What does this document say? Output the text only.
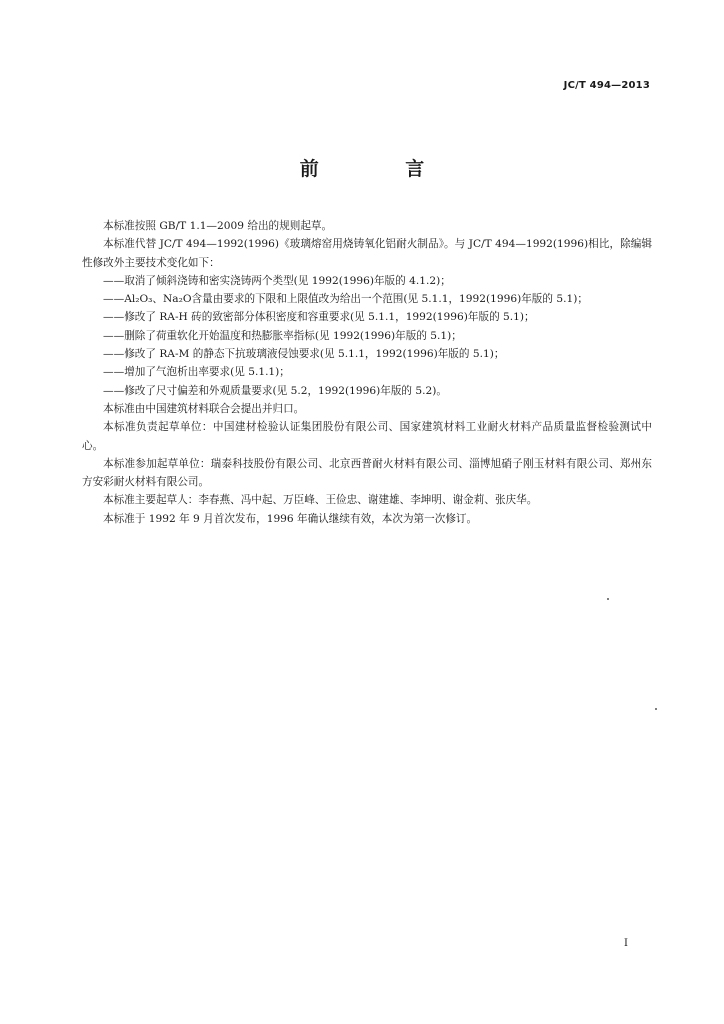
JC/T 494—2013
前 言

本标准按照 GB/T 1.1—2009 给出的规则起草。

本标准代替 JC/T 494—1992(1996)《玻璃熔窑用烧铸氧化铝耐火制品》。与 JC/T 494—1992(1996)相比，除编辑性修改外主要技术变化如下：

——取消了倾斜浇铸和密实浇铸两个类型(见 1992(1996)年版的 4.1.2)；

——Al₂O₃、Na₂O含量由要求的下限和上限值改为给出一个范围(见 5.1.1，1992(1996)年版的 5.1)；

——修改了 RA-H 砖的致密部分体积密度和容重要求(见 5.1.1，1992(1996)年版的 5.1)；

——删除了荷重软化开始温度和热膨胀率指标(见 1992(1996)年版的 5.1)；

——修改了 RA-M 的静态下抗玻璃液侵蚀要求(见 5.1.1，1992(1996)年版的 5.1)；

——增加了气泡析出率要求(见 5.1.1)；

——修改了尺寸偏差和外观质量要求(见 5.2，1992(1996)年版的 5.2)。

本标准由中国建筑材料联合会提出并归口。

本标准负责起草单位：中国建材检验认证集团股份有限公司、国家建筑材料工业耐火材料产品质量监督检验测试中心。

本标准参加起草单位：瑞泰科技股份有限公司、北京西普耐火材料有限公司、淄博旭硝子刚玉材料有限公司、郑州东方安彩耐火材料有限公司。

本标准主要起草人：李春燕、冯中起、万臣峰、王俭忠、谢建雄、李坤明、谢金莉、张庆华。

本标准于 1992 年 9 月首次发布，1996 年确认继续有效，本次为第一次修订。

I
